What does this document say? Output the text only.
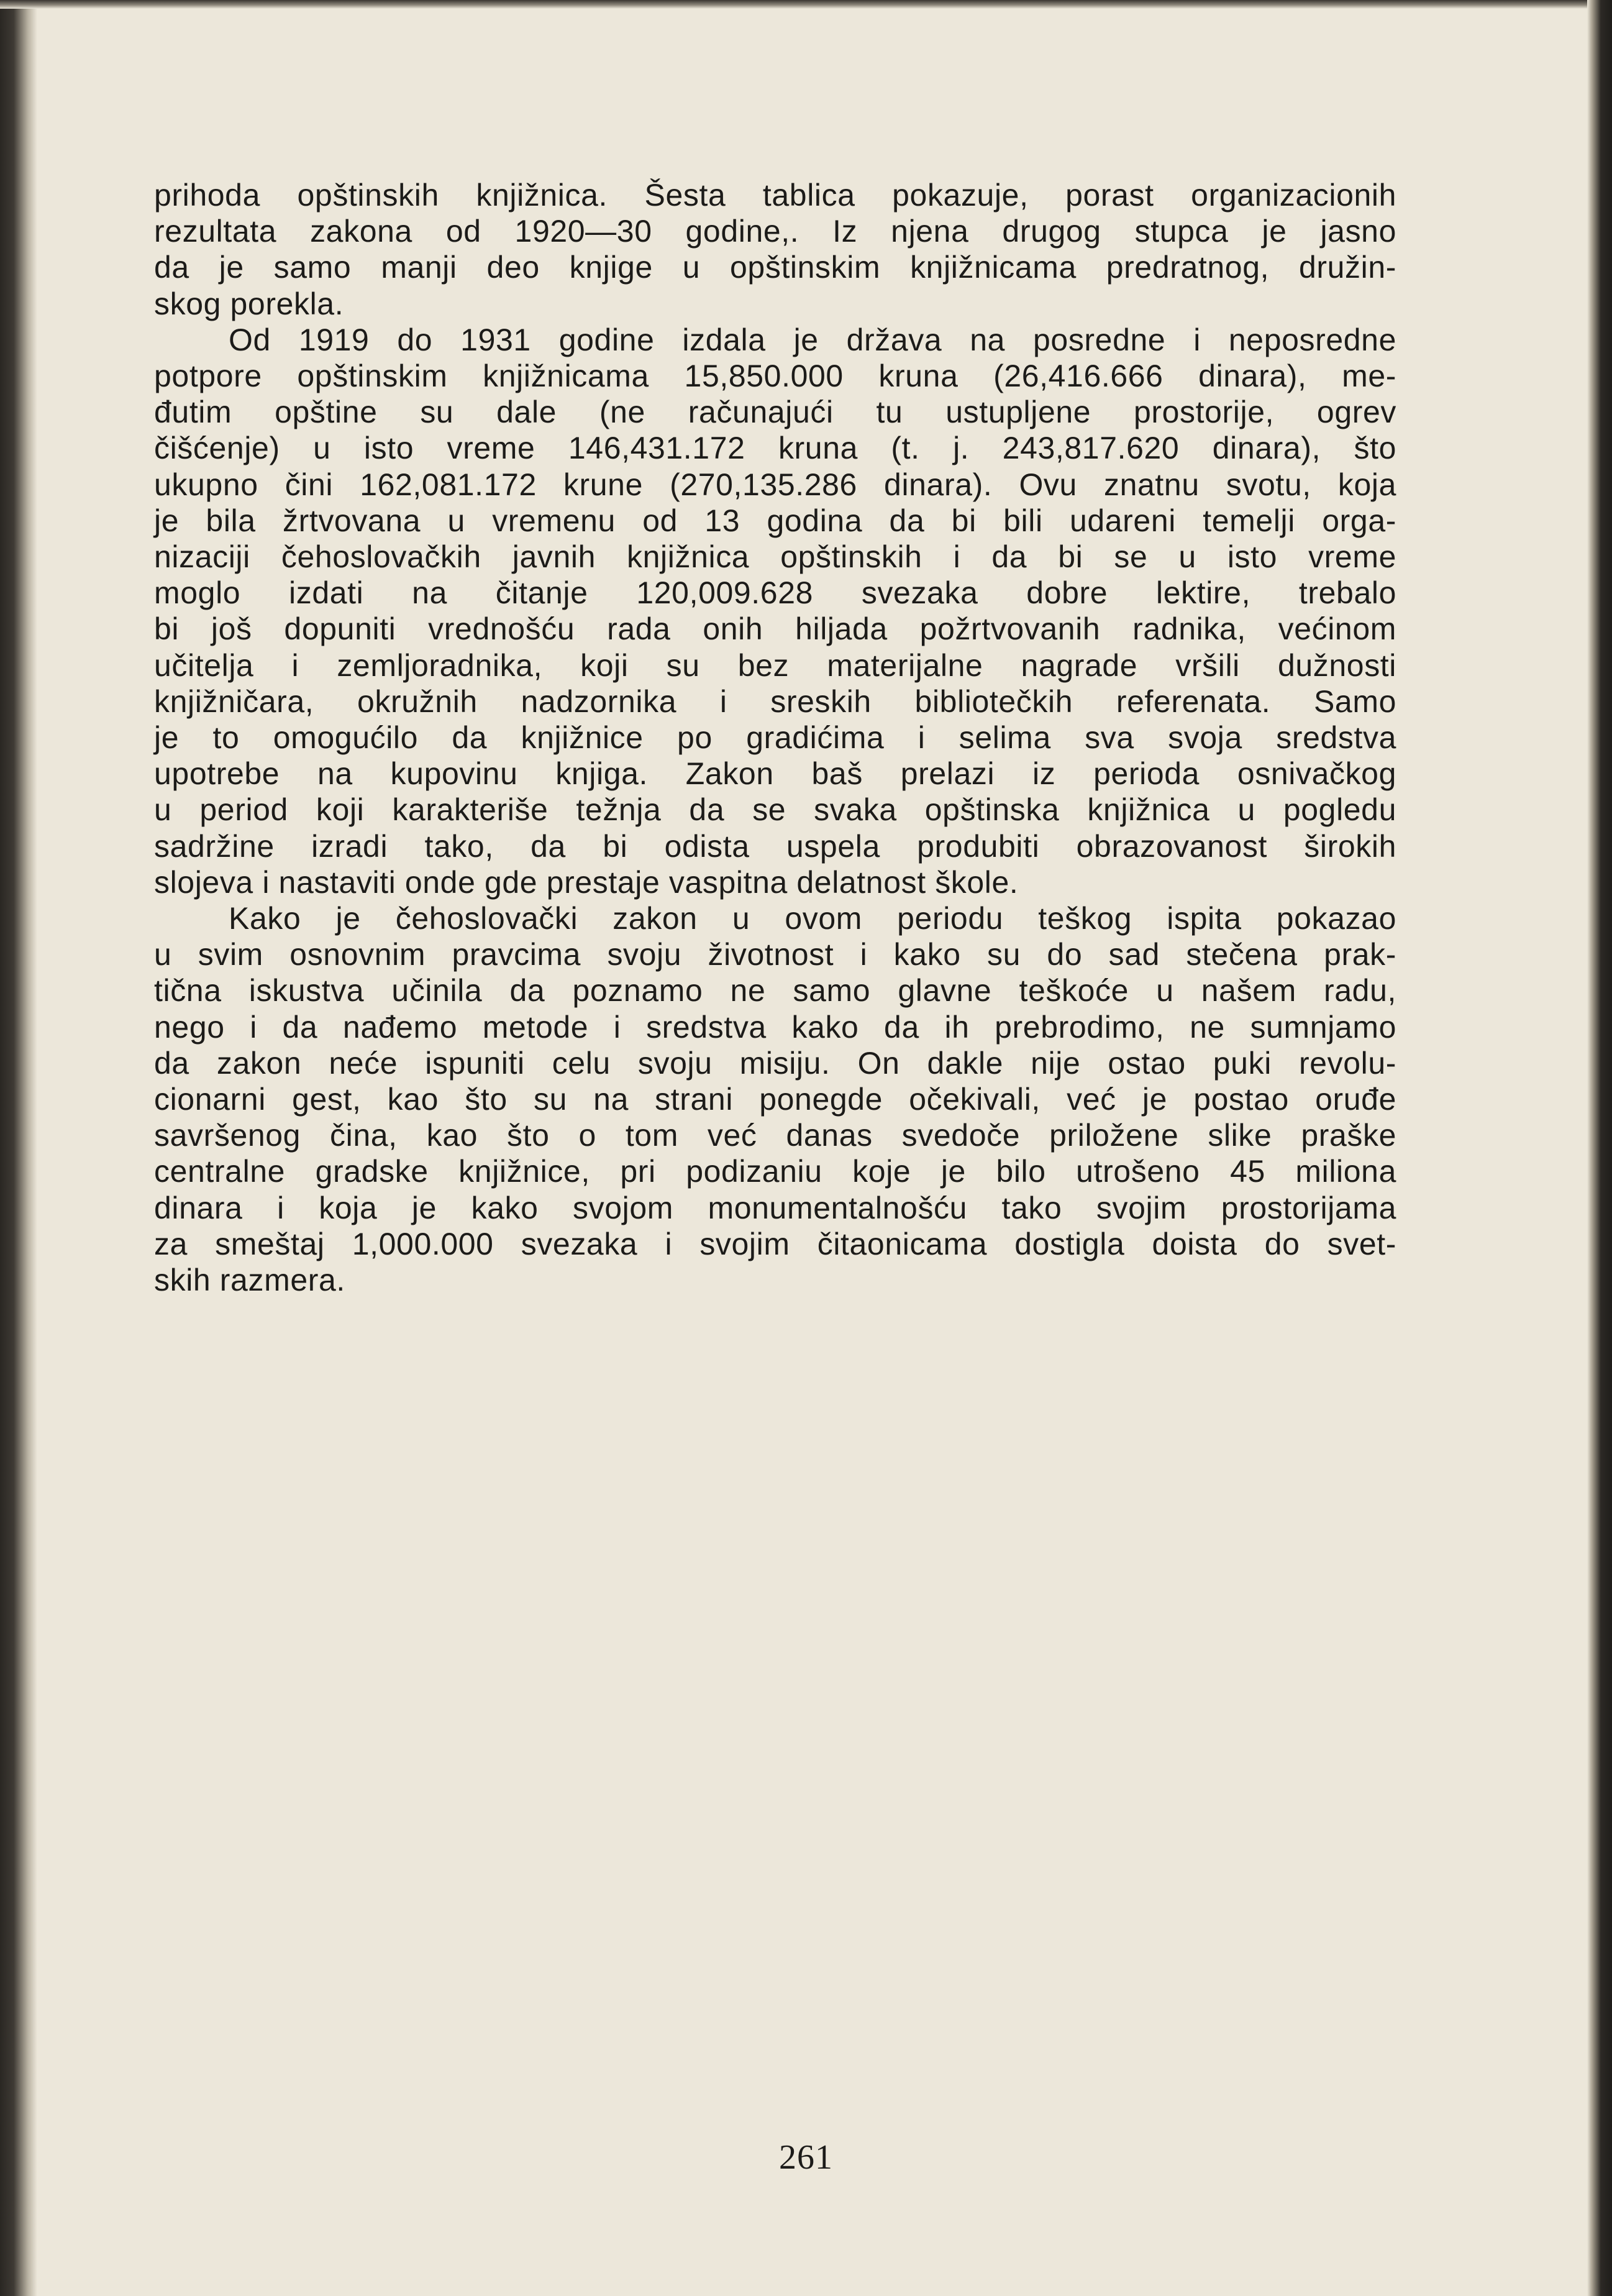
prihoda opštinskih knjižnica. Šesta tablica pokazuje, porast organizacionih
rezultata zakona od 1920—30 godine,. Iz njena drugog stupca je jasno
da je samo manji deo knjige u opštinskim knjižnicama predratnog, družin-
skog porekla.
Od 1919 do 1931 godine izdala je država na posredne i neposredne
potpore opštinskim knjižnicama 15,850.000 kruna (26,416.666 dinara), me-
đutim opštine su dale (ne računajući tu ustupljene prostorije, ogrev
čišćenje) u isto vreme 146,431.172 kruna (t. j. 243,817.620 dinara), što
ukupno čini 162,081.172 krune (270,135.286 dinara). Ovu znatnu svotu, koja
je bila žrtvovana u vremenu od 13 godina da bi bili udareni temelji orga-
nizaciji čehoslovačkih javnih knjižnica opštinskih i da bi se u isto vreme
moglo izdati na čitanje 120,009.628 svezaka dobre lektire, trebalo
bi još dopuniti vrednošću rada onih hiljada požrtvovanih radnika, većinom
učitelja i zemljoradnika, koji su bez materijalne nagrade vršili dužnosti
knjižničara, okružnih nadzornika i sreskih bibliotečkih referenata. Samo
je to omogućilo da knjižnice po gradićima i selima sva svoja sredstva
upotrebe na kupovinu knjiga. Zakon baš prelazi iz perioda osnivačkog
u period koji karakteriše težnja da se svaka opštinska knjižnica u pogledu
sadržine izradi tako, da bi odista uspela produbiti obrazovanost širokih
slojeva i nastaviti onde gde prestaje vaspitna delatnost škole.
Kako je čehoslovački zakon u ovom periodu teškog ispita pokazao
u svim osnovnim pravcima svoju životnost i kako su do sad stečena prak-
tična iskustva učinila da poznamo ne samo glavne teškoće u našem radu,
nego i da nađemo metode i sredstva kako da ih prebrodimo, ne sumnjamo
da zakon neće ispuniti celu svoju misiju. On dakle nije ostao puki revolu-
cionarni gest, kao što su na strani ponegde očekivali, već je postao oruđe
savršenog čina, kao što o tom već danas svedoče priložene slike praške
centralne gradske knjižnice, pri podizaniu koje je bilo utrošeno 45 miliona
dinara i koja je kako svojom monumentalnošću tako svojim prostorijama
za smeštaj 1,000.000 svezaka i svojim čitaonicama dostigla doista do svet-
skih razmera.
261
